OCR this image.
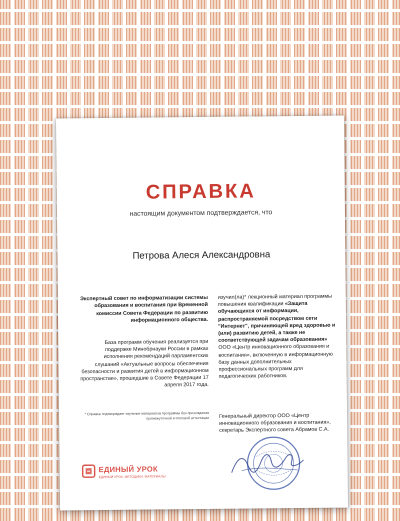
СПРАВКА
настоящим документом подтверждается, что
Петрова Алеся Александровна
Экспертный совет по информатизации системы образования и воспитания при Временной комиссии Совета Федерации по развитию информационного общества.
База программ обучения реализуется при поддержке Минобрнауки России в рамках исполнения рекомендаций парламентских слушаний «Актуальные вопросы обеспечения безопасности и развития детей в информационном пространстве», прошедшие в Совете Федерации 17 апреля 2017 года.
* Справка подтверждает изучение материалов программы без прохождения промежуточной и итоговой аттестации
изучил(ла)* лекционный материал программы повышения квалификации «Защита обучающихся от информации, распространяемой посредством сети "Интернет", причиняющей вред здоровью и (или) развитию детей, а также не соответствующей задачам образования» ООО «Центр инновационного образования и воспитания», включенную в информационную базу данных дополнительных профессиональных программ для педагогических работников.
Генеральный директор ООО «Центр инновационного образования и воспитания», секретарь Экспертного совета Абрамов С.А.
ЕДИНЫЙ УРОК
ЕДИНЫЙ УРОК. МЕТОДИКИ. МАТЕРИАЛЫ
